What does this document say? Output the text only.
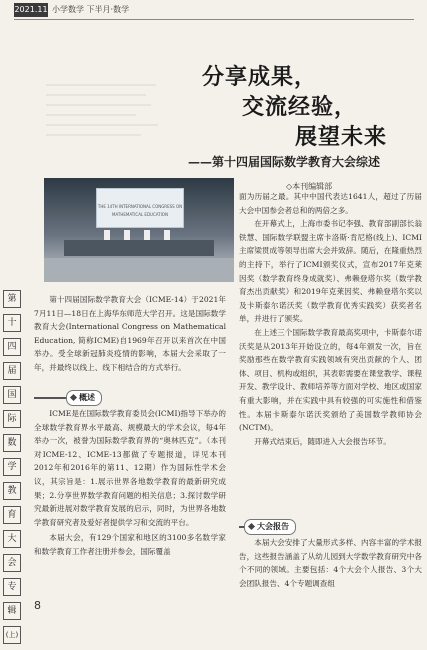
2021.11 小学数学 下半月·数学
分享成果，
交流经验，
展望未来
——第十四届国际数学教育大会综述
◇本刊编辑部
THE 14TH INTERNATIONAL CONGRESS ON MATHEMATICAL EDUCATION
第
十
四
届
国
际
数
学
教
育
大
会
专
辑
(上)
8

第十四届国际数学教育大会（ICME-14）于2021年7月11日—18日在上海华东师范大学召开。这是国际数学教育大会(International Congress on Mathematical Education, 简称ICME)自1969年召开以来首次在中国举办。受全球新冠肺炎疫情的影响，本届大会采取了一年，并最终以线上、线下相结合的方式举行。

概述

ICME是在国际数学教育委员会(ICMI)指导下举办的全球数学教育界水平最高、规模最大的学术会议，每4年举办一次，被誉为国际数学教育界的“奥林匹克”。（本刊对ICME-12、ICME-13都做了专题报道，详见本刊2012年和2016年的第11、12期）作为国际性学术会议，其宗旨是：1.展示世界各地数学教育的最新研究成果；2.分享世界数学教育问题的相关信息；3.探讨数学研究最新进展对数学教育发展的启示，同时，为世界各地数学教育研究者及爱好者提供学习和交流的平台。

本届大会，有129个国家和地区的3100多名数学家和数学教育工作者注册并参会，国际覆盖

面为历届之最。其中中国代表达1641人，超过了历届大会中国参会者总和的两倍之多。

在开幕式上，上海市委书记李强、教育部副部长翁铁慧、国际数学联盟主席卡洛斯·肯尼格(线上)、ICMI主席梁贯成等领导出席大会并致辞。随后，在隆重热烈的主持下，举行了ICMI颁奖仪式，宣布2017年克莱因奖（数学教育终身成就奖）、弗赖登塔尔奖（数学教育杰出贡献奖）和2019年克莱因奖、弗赖登塔尔奖以及卡斯泰尔诺沃奖（数学教育优秀实践奖）获奖者名单，并进行了颁奖。

在上述三个国际数学教育最高奖项中，卡斯泰尔诺沃奖是从2013年开始设立的，每4年颁发一次，旨在奖励那些在数学教育实践领域有突出贡献的个人、团体、项目、机构或组织，其表彰需要在课堂教学、课程开发、教学设计、教师培养等方面对学校、地区或国家有重大影响，并在实践中具有较强的可实施性和借鉴性。本届卡斯泰尔诺沃奖颁给了美国数学教师协会(NCTM)。

开幕式结束后，随即进入大会报告环节。

大会报告

本届大会安排了大量形式多样、内容丰富的学术报告，这些报告涵盖了从幼儿园到大学数学教育研究中各个不同的领域。主要包括：4个大会个人报告、3个大会团队报告、4个专题调查组
